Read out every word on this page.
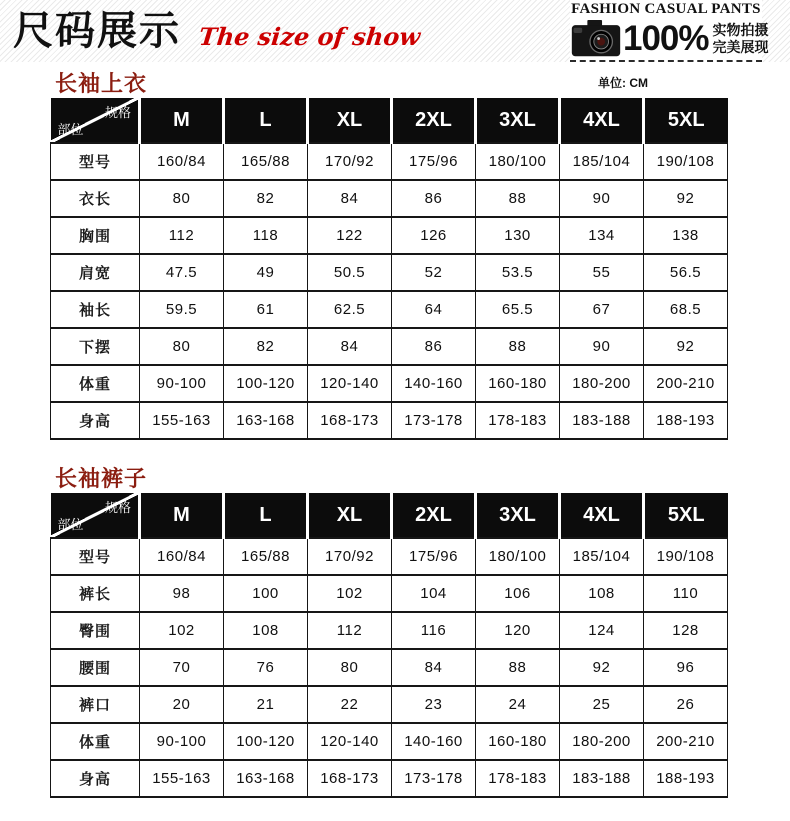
尺码展示 The size of show
FASHION CASUAL PANTS
100% 实物拍摄
完美展现
长袖上衣	单位: CM
规格
部位	M	L	XL	2XL	3XL	4XL	5XL
型号	160/84	165/88	170/92	175/96	180/100	185/104	190/108
衣长	80	82	84	86	88	90	92
胸围	112	118	122	126	130	134	138
肩宽	47.5	49	50.5	52	53.5	55	56.5
袖长	59.5	61	62.5	64	65.5	67	68.5
下摆	80	82	84	86	88	90	92
体重	90-100	100-120	120-140	140-160	160-180	180-200	200-210
身高	155-163	163-168	168-173	173-178	178-183	183-188	188-193
长袖裤子
规格
部位	M	L	XL	2XL	3XL	4XL	5XL
型号	160/84	165/88	170/92	175/96	180/100	185/104	190/108
裤长	98	100	102	104	106	108	110
臀围	102	108	112	116	120	124	128
腰围	70	76	80	84	88	92	96
裤口	20	21	22	23	24	25	26
体重	90-100	100-120	120-140	140-160	160-180	180-200	200-210
身高	155-163	163-168	168-173	173-178	178-183	183-188	188-193
